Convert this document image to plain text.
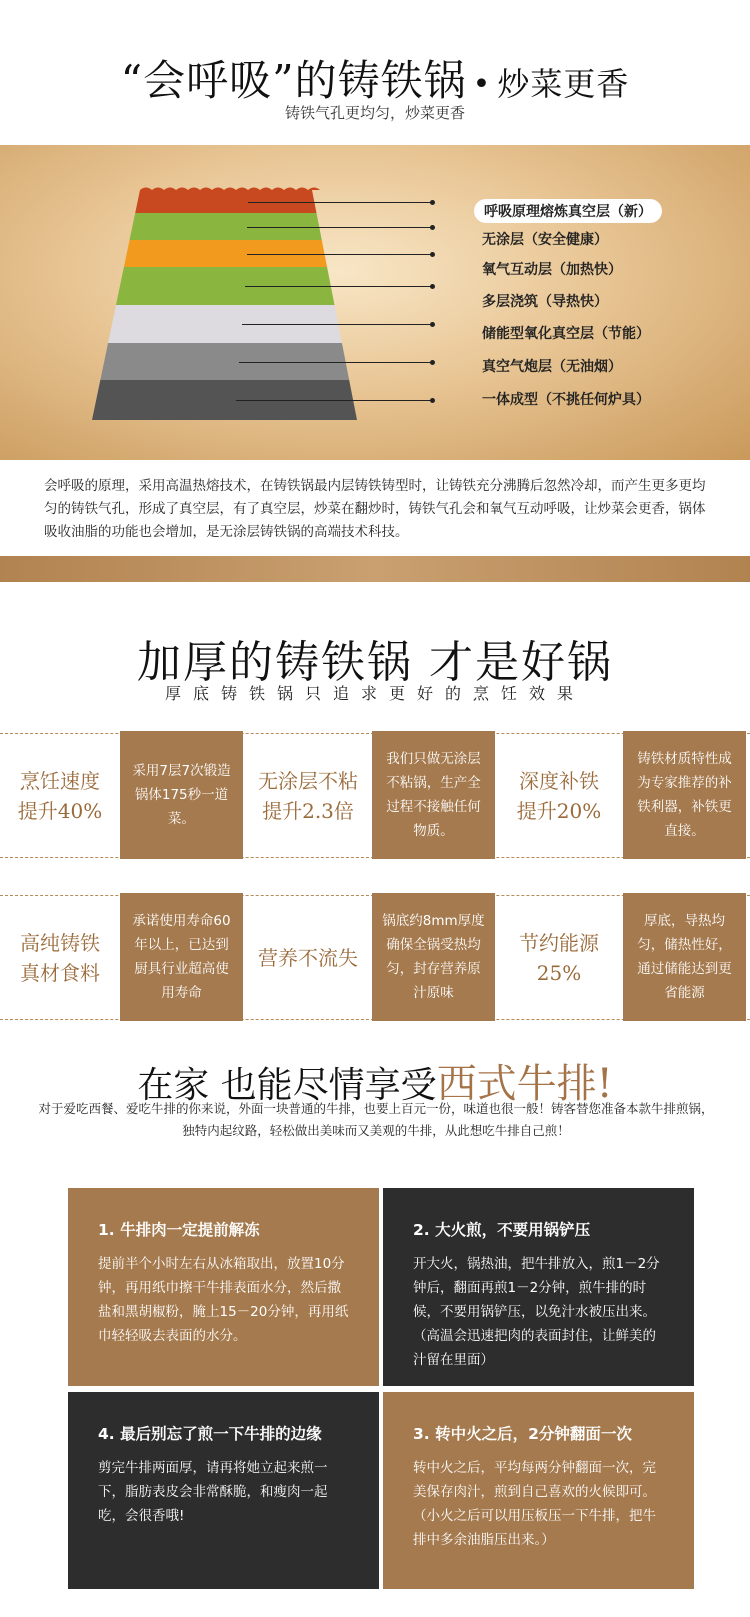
“会呼吸”的铸铁锅 • 炒菜更香
铸铁气孔更均匀，炒菜更香
呼吸原理熔炼真空层（新）
无涂层（安全健康）
氧气互动层（加热快）
多层浇筑（导热快）
储能型氧化真空层（节能）
真空气炮层（无油烟）
一体成型（不挑任何炉具）
会呼吸的原理，采用高温热熔技术，在铸铁锅最内层铸铁铸型时，让铸铁充分沸腾后忽然冷却，而产生更多更均匀的铸铁气孔，形成了真空层，有了真空层，炒菜在翻炒时，铸铁气孔会和氧气互动呼吸，让炒菜会更香，锅体吸收油脂的功能也会增加，是无涂层铸铁锅的高端技术科技。
加厚的铸铁锅 才是好锅
厚底铸铁锅只追求更好的烹饪效果
烹饪速度
提升40%
采用7层7次锻造锅体175秒一道菜。
无涂层不粘
提升2.3倍
我们只做无涂层不粘锅，生产全过程不接触任何物质。
深度补铁
提升20%
铸铁材质特性成为专家推荐的补铁利器，补铁更直接。
高纯铸铁
真材食料
承诺使用寿命60年以上，已达到厨具行业超高使用寿命
营养不流失
锅底约8mm厚度确保全锅受热均匀，封存营养原汁原味
节约能源
25%
厚底，导热均匀，储热性好，通过储能达到更省能源
在家 也能尽情享受西式牛排!
对于爱吃西餐、爱吃牛排的你来说，外面一块普通的牛排，也要上百元一份，味道也很一般！铸客替您准备本款牛排煎锅，独特内起纹路，轻松做出美味而又美观的牛排，从此想吃牛排自己煎！
1. 牛排肉一定提前解冻

提前半个小时左右从冰箱取出，放置10分钟，再用纸巾擦干牛排表面水分，然后撒盐和黑胡椒粉，腌上15－20分钟，再用纸巾轻轻吸去表面的水分。

2. 大火煎，不要用锅铲压

开大火，锅热油，把牛排放入，煎1－2分钟后，翻面再煎1－2分钟，煎牛排的时候，不要用锅铲压，以免汁水被压出来。（高温会迅速把肉的表面封住，让鲜美的汁留在里面）

4. 最后别忘了煎一下牛排的边缘

剪完牛排两面厚，请再将她立起来煎一下，脂肪表皮会非常酥脆，和瘦肉一起吃，会很香哦!

3. 转中火之后，2分钟翻面一次

转中火之后，平均每两分钟翻面一次，完美保存肉汁，煎到自己喜欢的火候即可。（小火之后可以用压板压一下牛排，把牛排中多余油脂压出来。）
